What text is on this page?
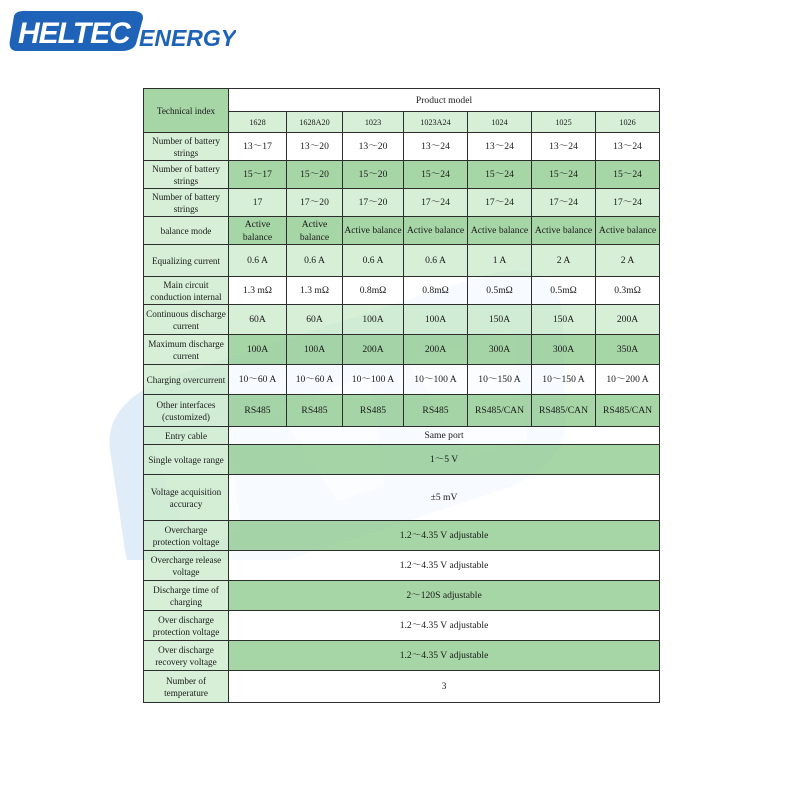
HELTEC ENERGY
Technical index	Product model						
	1628	1628A20	1023	1023A24	1024	1025	1026
Number of battery strings	13～17	13～20	13～20	13～24	13～24	13～24	13～24
Number of battery strings	15～17	15～20	15～20	15～24	15～24	15～24	15～24
Number of battery strings	17	17～20	17～20	17～24	17～24	17～24	17～24
balance mode	Active balance	Active balance	Active balance	Active balance	Active balance	Active balance	Active balance
Equalizing current	0.6 A	0.6 A	0.6 A	0.6 A	1 A	2 A	2 A
Main circuit conduction internal	1.3 mΩ	1.3 mΩ	0.8mΩ	0.8mΩ	0.5mΩ	0.5mΩ	0.3mΩ
Continuous discharge current	60A	60A	100A	100A	150A	150A	200A
Maximum discharge current	100A	100A	200A	200A	300A	300A	350A
Charging overcurrent	10～60 A	10～60 A	10～100 A	10～100 A	10～150 A	10～150 A	10～200 A
Other interfaces (customized)	RS485	RS485	RS485	RS485	RS485/CAN	RS485/CAN	RS485/CAN
Entry cable	Same port						
Single voltage range	1～5 V						
Voltage acquisition accuracy	±5 mV						
Overcharge protection voltage	1.2～4.35 V adjustable						
Overcharge release voltage	1.2～4.35 V adjustable						
Discharge time of charging	2～120S adjustable						
Over discharge protection voltage	1.2～4.35 V adjustable						
Over discharge recovery voltage	1.2～4.35 V adjustable						
Number of temperature	3						
